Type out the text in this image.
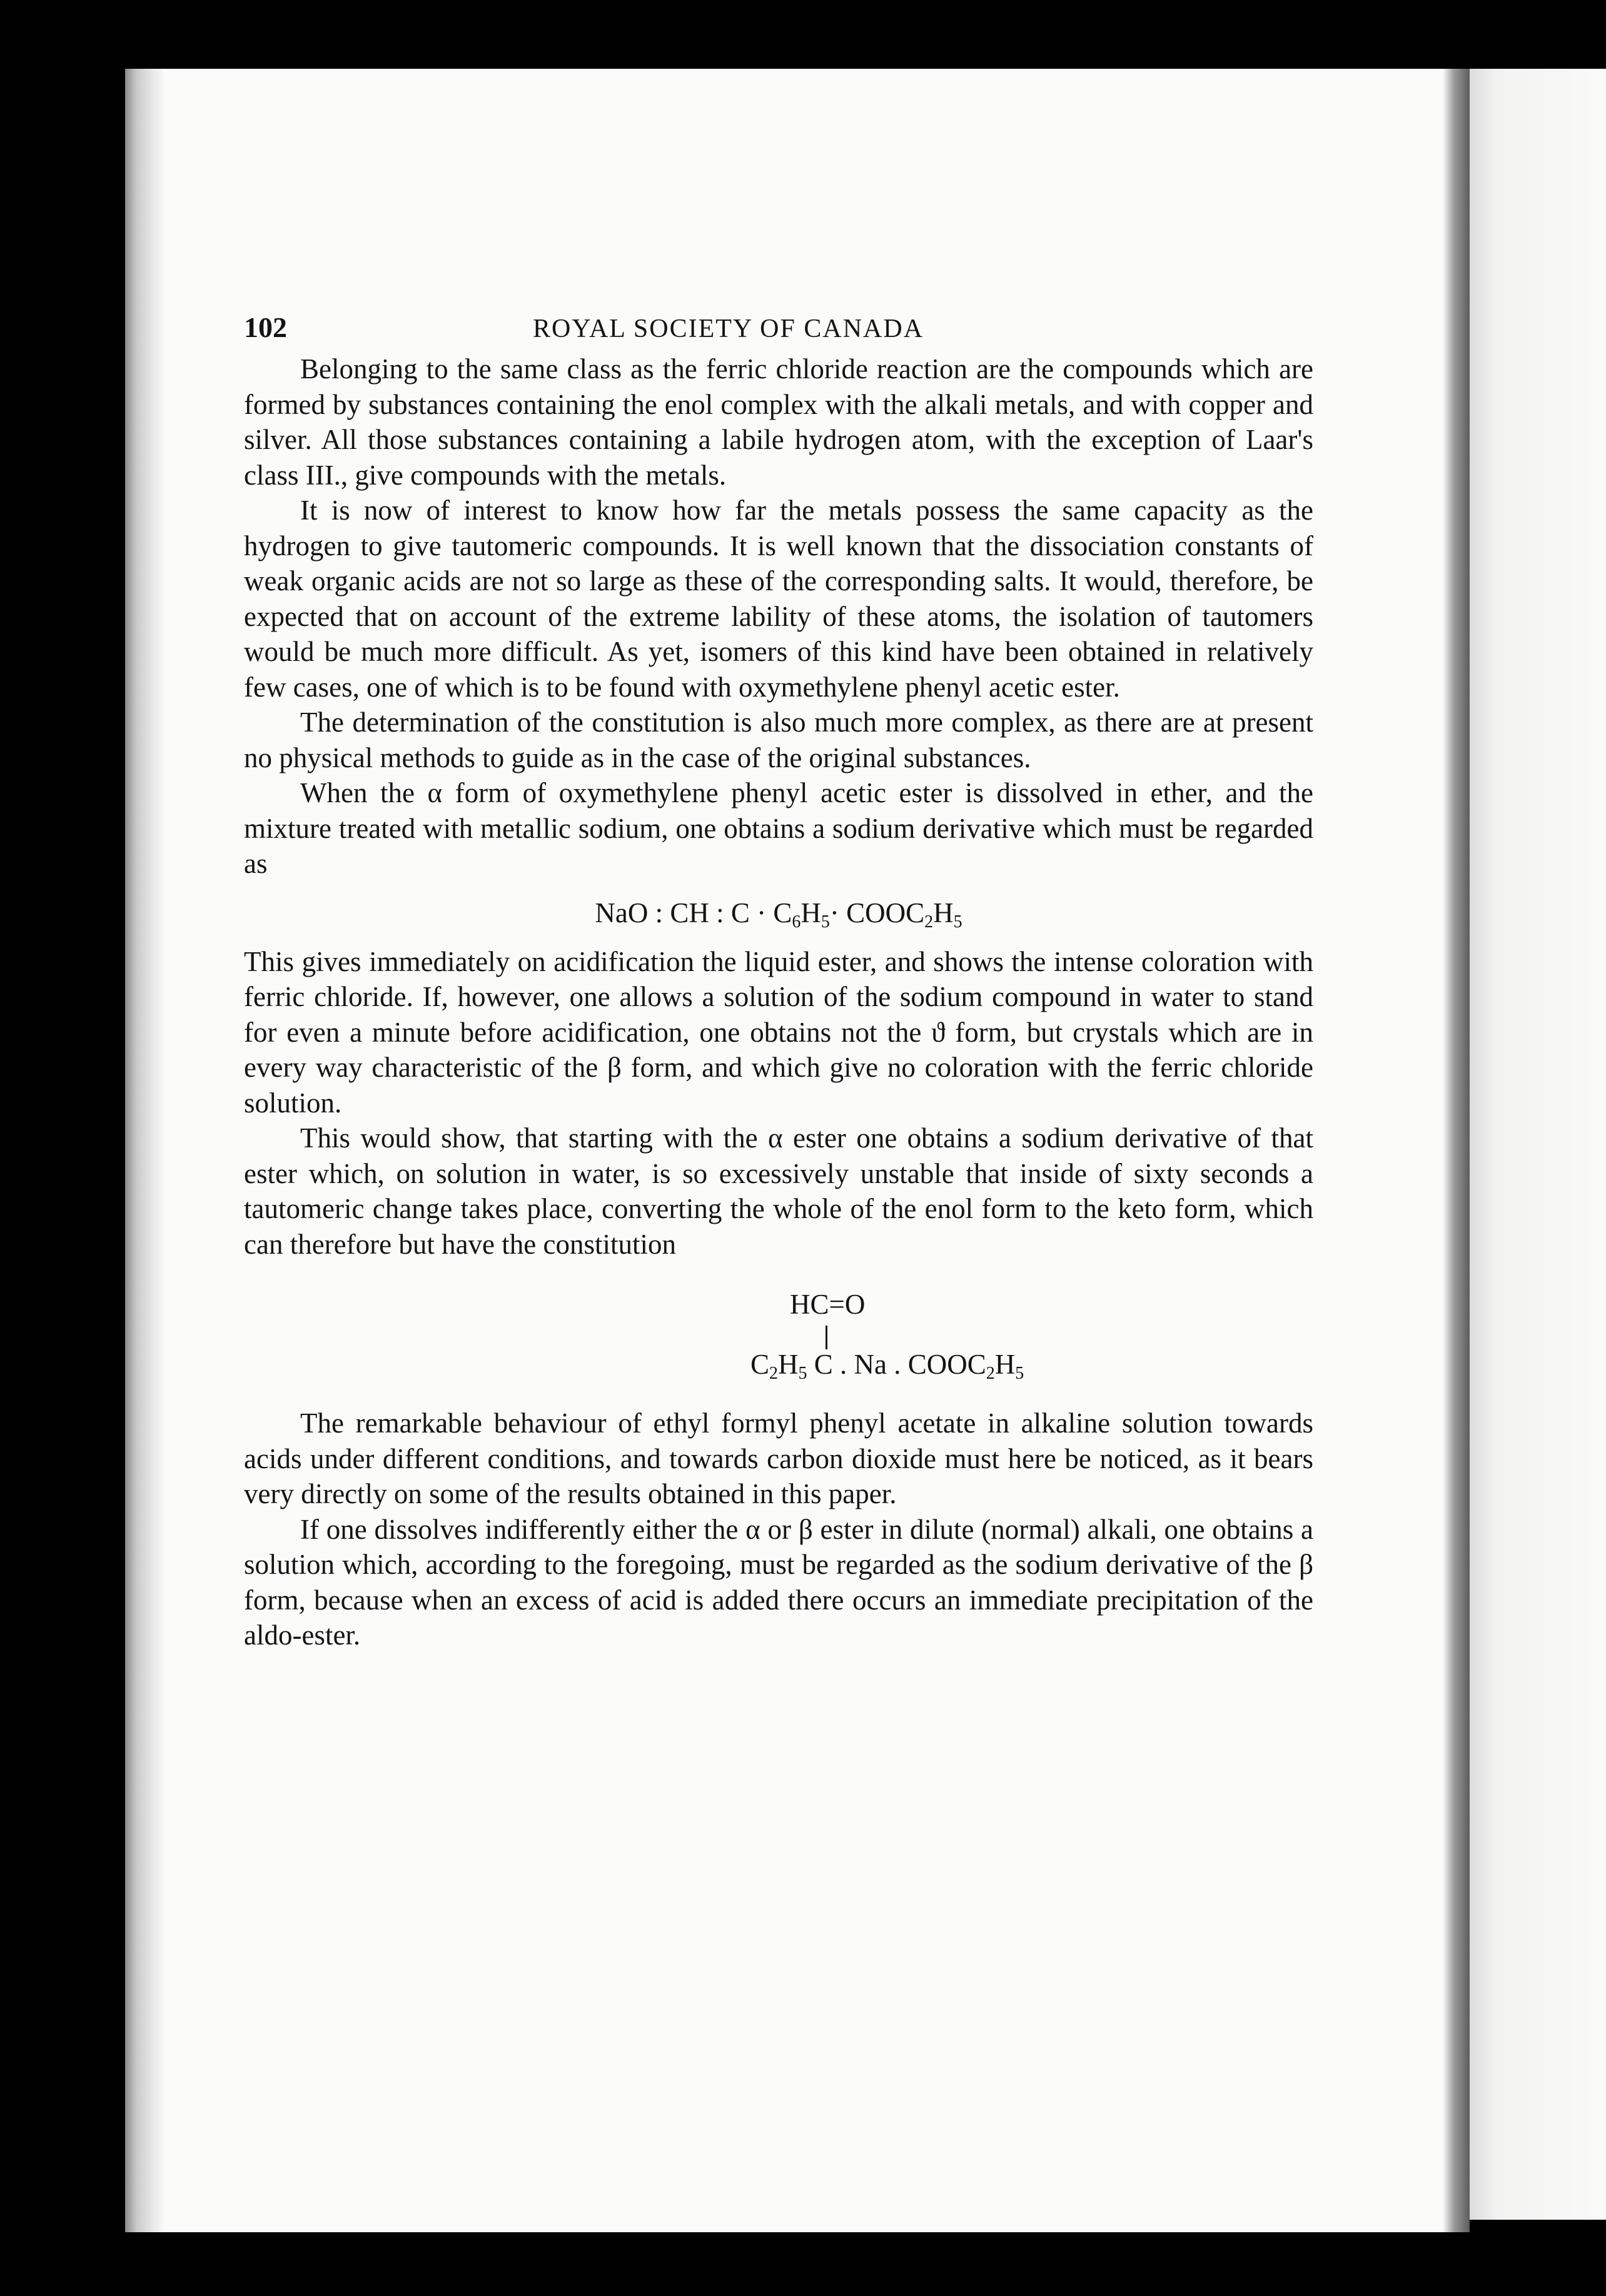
102	ROYAL SOCIETY OF CANADA

Belonging to the same class as the ferric chloride reaction are the compounds which are formed by substances containing the enol complex with the alkali metals, and with copper and silver. All those substances containing a labile hydrogen atom, with the exception of Laar's class III., give compounds with the metals.

It is now of interest to know how far the metals possess the same capacity as the hydrogen to give tautomeric compounds. It is well known that the dissociation constants of weak organic acids are not so large as these of the corresponding salts. It would, therefore, be expected that on account of the extreme lability of these atoms, the isolation of tautomers would be much more difficult. As yet, isomers of this kind have been obtained in relatively few cases, one of which is to be found with oxymethylene phenyl acetic ester.

The determination of the constitution is also much more complex, as there are at present no physical methods to guide as in the case of the original substances.

When the α form of oxymethylene phenyl acetic ester is dissolved in ether, and the mixture treated with metallic sodium, one obtains a sodium derivative which must be regarded as

NaO : CH : $C \cdot C_6H_5\cdot$ $COOC_2H_5$

This gives immediately on acidification the liquid ester, and shows the intense coloration with ferric chloride. If, however, one allows a solution of the sodium compound in water to stand for even a minute before acidification, one obtains not the ϑ form, but crystals which are in every way characteristic of the β form, and which give no coloration with the ferric chloride solution.

This would show, that starting with the α ester one obtains a sodium derivative of that ester which, on solution in water, is so excessively unstable that inside of sixty seconds a tautomeric change takes place, converting the whole of the enol form to the keto form, which can therefore but have the constitution

HC=O
$C_2H_5$ C . Na . $COOC_2H_5$

The remarkable behaviour of ethyl formyl phenyl acetate in alkaline solution towards acids under different conditions, and towards carbon dioxide must here be noticed, as it bears very directly on some of the results obtained in this paper.

If one dissolves indifferently either the α or β ester in dilute (normal) alkali, one obtains a solution which, according to the foregoing, must be regarded as the sodium derivative of the β form, because when an excess of acid is added there occurs an immediate precipitation of the aldo-ester.
